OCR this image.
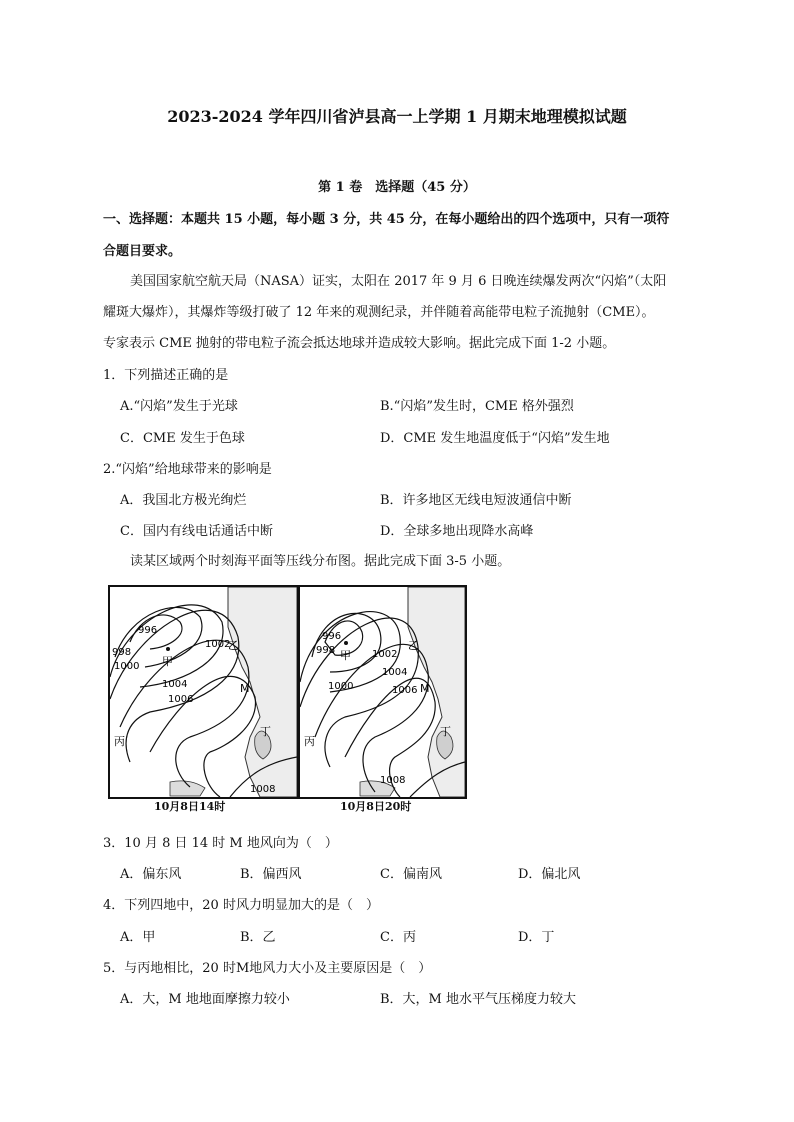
2023-2024 学年四川省泸县高一上学期 1 月期末地理模拟试题
第 1 卷　选择题（45 分）
一、选择题：本题共 15 小题，每小题 3 分，共 45 分，在每小题给出的四个选项中，只有一项符
合题目要求。
美国国家航空航天局（NASA）证实，太阳在 2017 年 9 月 6 日晚连续爆发两次“闪焰”（太阳
耀斑大爆炸），其爆炸等级打破了 12 年来的观测纪录，并伴随着高能带电粒子流抛射（CME）。
专家表示 CME 抛射的带电粒子流会抵达地球并造成较大影响。据此完成下面 1-2 小题。
1．下列描述正确的是
A.“闪焰”发生于光球	B.“闪焰”发生时，CME 格外强烈
C．CME 发生于色球	D．CME 发生地温度低于“闪焰”发生地
2.“闪焰”给地球带来的影响是
A．我国北方极光绚烂	B．许多地区无线电短波通信中断
C．国内有线电话通话中断	D．全球多地出现降水高峰
读某区域两个时刻海平面等压线分布图。据此完成下面 3-5 小题。
996
998
1000
1002
1004
1006
1008
甲
乙
丙
丁
M
10月8日14时
996
998
1000
1002
1004
1006
1008
甲
乙
丙
丁
M
10月8日20时
3．10 月 8 日 14 时 M 地风向为（　）
A．偏东风	B．偏西风	C．偏南风	D．偏北风
4．下列四地中，20 时风力明显加大的是（　）
A．甲	B．乙	C．丙	D．丁
5．与丙地相比，20 时M地风力大小及主要原因是（　）
A．大，M 地地面摩擦力较小	B．大，M 地水平气压梯度力较大
